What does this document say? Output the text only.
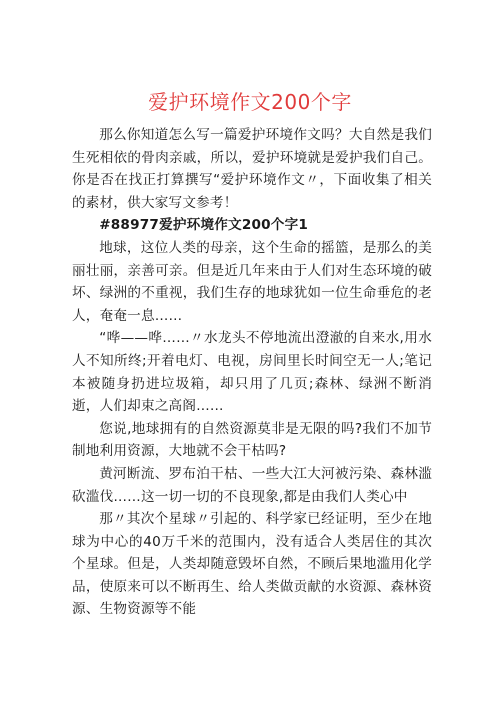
爱护环境作文200个字

那么你知道怎么写一篇爱护环境作文吗？大自然是我们生死相依的骨肉亲戚，所以，爱护环境就是爱护我们自己。你是否在找正打算撰写“爱护环境作文〃，下面收集了相关的素材，供大家写文参考！

#88977爱护环境作文200个字1

地球，这位人类的母亲，这个生命的摇篮，是那么的美丽壮丽，亲善可亲。但是近几年来由于人们对生态环境的破坏、绿洲的不重视，我们生存的地球犹如一位生命垂危的老人，奄奄一息……

“哗——哗……〃水龙头不停地流出澄澈的自来水,用水人不知所终;开着电灯、电视，房间里长时间空无一人;笔记本被随身扔进垃圾箱，却只用了几页;森林、绿洲不断消逝，人们却束之高阁……

您说,地球拥有的自然资源莫非是无限的吗?我们不加节制地利用资源，大地就不会干枯吗?

黄河断流、罗布泊干枯、一些大江大河被污染、森林滥砍滥伐……这一切一切的不良现象,都是由我们人类心中

那〃其次个星球〃引起的、科学家已经证明，至少在地球为中心的40万千米的范围内，没有适合人类居住的其次个星球。但是，人类却随意毁坏自然，不顾后果地滥用化学品，使原来可以不断再生、给人类做贡献的水资源、森林资源、生物资源等不能
